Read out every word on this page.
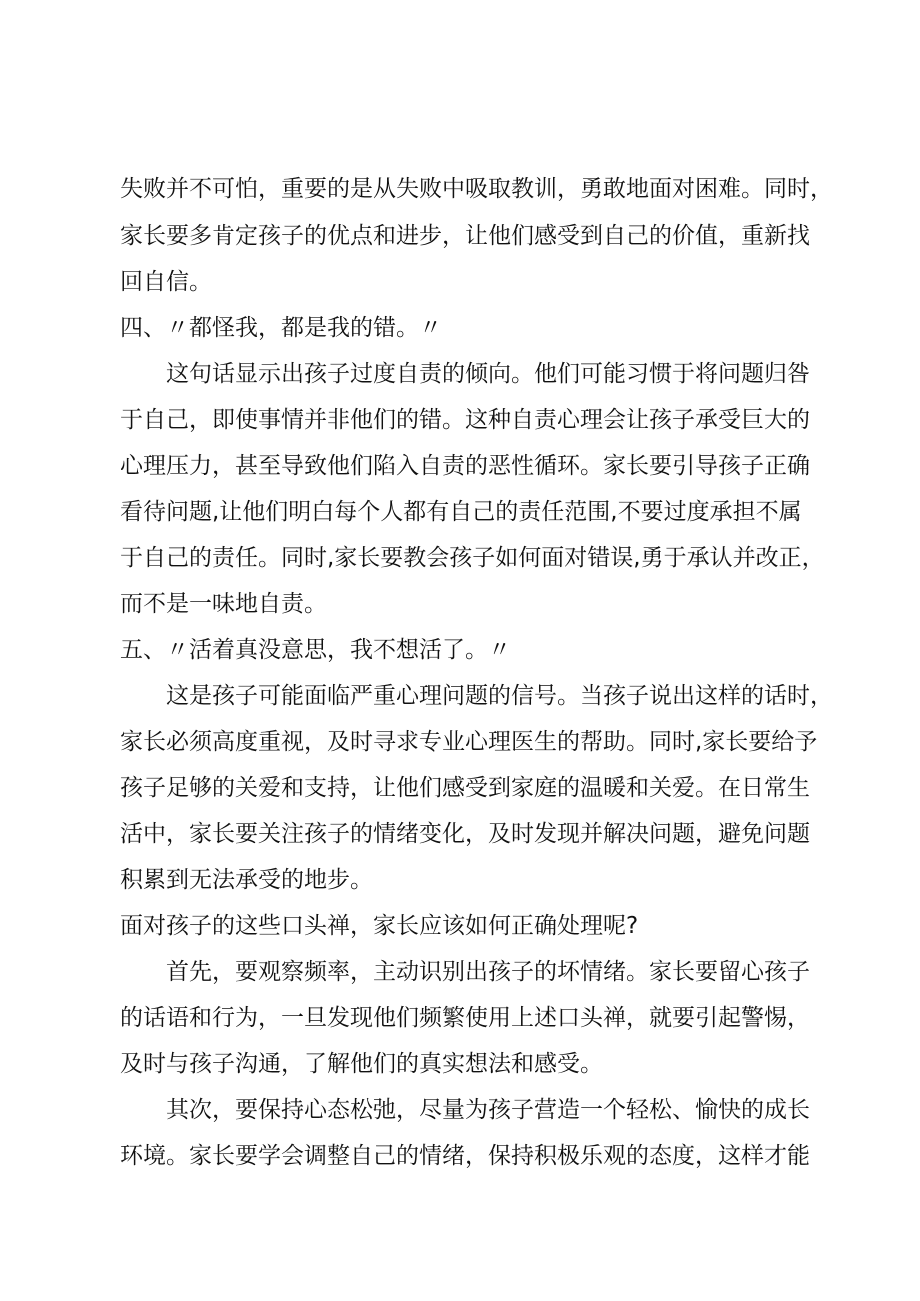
失败并不可怕，重要的是从失败中吸取教训，勇敢地面对困难。同时，
家长要多肯定孩子的优点和进步，让他们感受到自己的价值，重新找
回自信。
四、〃都怪我，都是我的错。〃
这句话显示出孩子过度自责的倾向。他们可能习惯于将问题归咎
于自己，即使事情并非他们的错。这种自责心理会让孩子承受巨大的
心理压力，甚至导致他们陷入自责的恶性循环。家长要引导孩子正确
看待问题,让他们明白每个人都有自己的责任范围,不要过度承担不属
于自己的责任。同时,家长要教会孩子如何面对错误,勇于承认并改正，
而不是一味地自责。
五、〃活着真没意思，我不想活了。〃
这是孩子可能面临严重心理问题的信号。当孩子说出这样的话时，
家长必须高度重视，及时寻求专业心理医生的帮助。同时,家长要给予
孩子足够的关爱和支持，让他们感受到家庭的温暖和关爱。在日常生
活中，家长要关注孩子的情绪变化，及时发现并解决问题，避免问题
积累到无法承受的地步。
面对孩子的这些口头禅，家长应该如何正确处理呢?
首先，要观察频率，主动识别出孩子的坏情绪。家长要留心孩子
的话语和行为，一旦发现他们频繁使用上述口头禅，就要引起警惕，
及时与孩子沟通，了解他们的真实想法和感受。
其次，要保持心态松弛，尽量为孩子营造一个轻松、愉快的成长
环境。家长要学会调整自己的情绪，保持积极乐观的态度，这样才能
